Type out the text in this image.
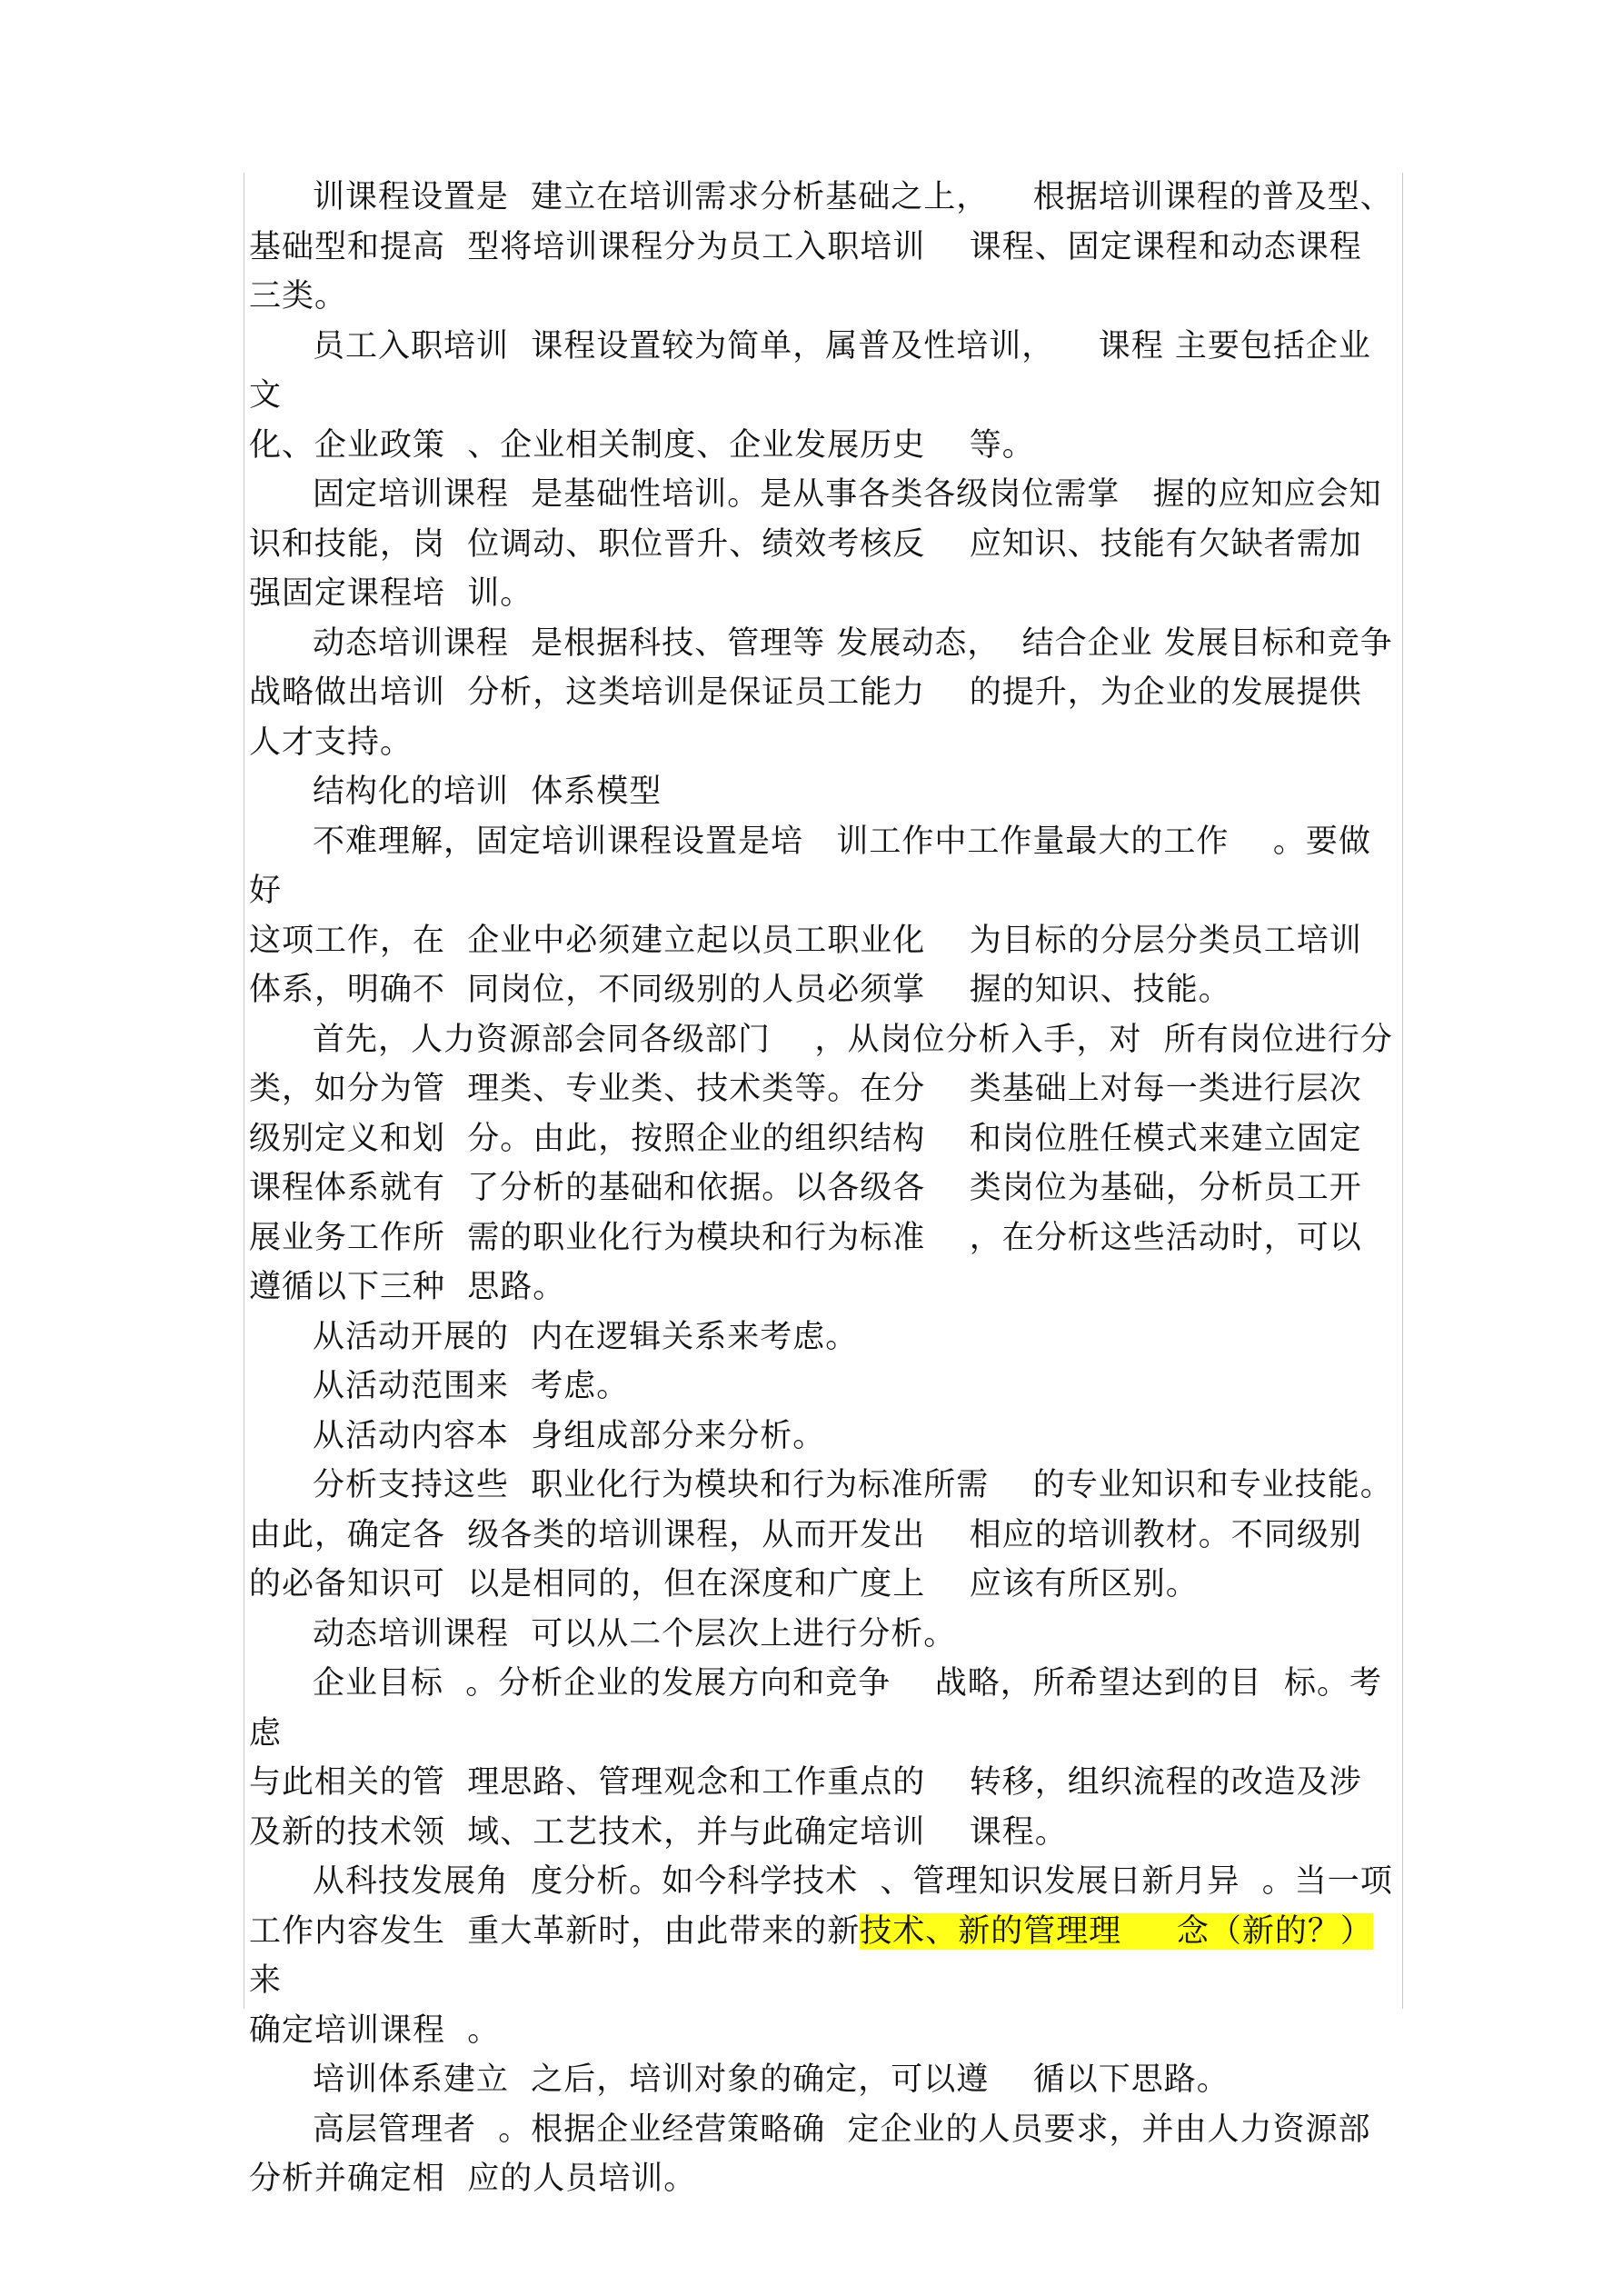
训课程设置是  建立在培训需求分析基础之上，    根据培训课程的普及型、
基础型和提高  型将培训课程分为员工入职培训    课程、固定课程和动态课程
三类。

员工入职培训  课程设置较为简单，属普及性培训，    课程 主要包括企业文
化、企业政策  、企业相关制度、企业发展历史    等。

固定培训课程  是基础性培训。是从事各类各级岗位需掌   握的应知应会知
识和技能，岗  位调动、职位晋升、绩效考核反    应知识、技能有欠缺者需加
强固定课程培  训。

动态培训课程  是根据科技、管理等 发展动态，  结合企业 发展目标和竞争
战略做出培训  分析，这类培训是保证员工能力    的提升，为企业的发展提供
人才支持。

结构化的培训  体系模型

不难理解，固定培训课程设置是培   训工作中工作量最大的工作    。要做好
这项工作，在  企业中必须建立起以员工职业化    为目标的分层分类员工培训
体系，明确不  同岗位，不同级别的人员必须掌    握的知识、技能。

首先，人力资源部会同各级部门    ，从岗位分析入手，对  所有岗位进行分
类，如分为管  理类、专业类、技术类等。在分    类基础上对每一类进行层次
级别定义和划  分。由此，按照企业的组织结构    和岗位胜任模式来建立固定
课程体系就有  了分析的基础和依据。以各级各    类岗位为基础，分析员工开
展业务工作所  需的职业化行为模块和行为标准    ，在分析这些活动时，可以
遵循以下三种  思路。

从活动开展的  内在逻辑关系来考虑。

从活动范围来  考虑。

从活动内容本  身组成部分来分析。

分析支持这些  职业化行为模块和行为标准所需    的专业知识和专业技能。
由此，确定各  级各类的培训课程，从而开发出    相应的培训教材。不同级别
的必备知识可  以是相同的，但在深度和广度上    应该有所区别。

动态培训课程  可以从二个层次上进行分析。

企业目标  。分析企业的发展方向和竞争    战略，所希望达到的目  标。考虑
与此相关的管  理思路、管理观念和工作重点的    转移，组织流程的改造及涉
及新的技术领  域、工艺技术，并与此确定培训    课程。

从科技发展角  度分析。如今科学技术  、管理知识发展日新月异  。当一项
工作内容发生  重大革新时，由此带来的新技术、新的管理理     念（新的？）来
确定培训课程  。

培训体系建立  之后，培训对象的确定，可以遵    循以下思路。

高层管理者  。根据企业经营策略确  定企业的人员要求，并由人力资源部
分析并确定相  应的人员培训。
